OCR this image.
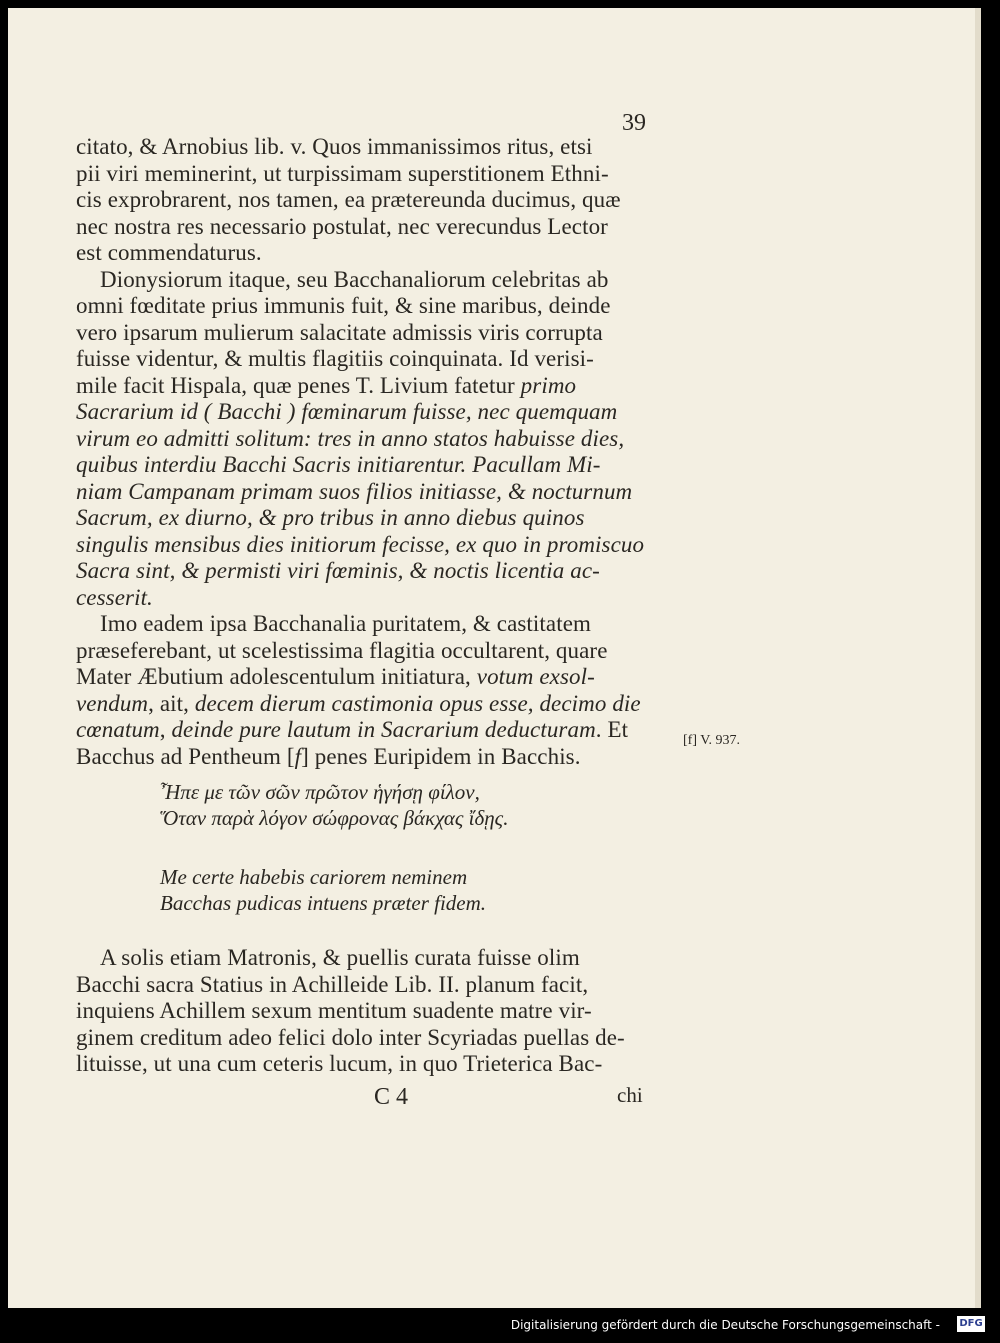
39
citato, & Arnobius lib. v. Quos immanissimos ritus, etsi
pii viri meminerint, ut turpissimam superstitionem Ethni-
cis exprobrarent, nos tamen, ea prætereunda ducimus, quæ
nec nostra res necessario postulat, nec verecundus Lector
est commendaturus.
Dionysiorum itaque, seu Bacchanaliorum celebritas ab
omni fœditate prius immunis fuit, & sine maribus, deinde
vero ipsarum mulierum salacitate admissis viris corrupta
fuisse videntur, & multis flagitiis coinquinata. Id verisi-
mile facit Hispala, quæ penes T. Livium fatetur primo
Sacrarium id ( Bacchi ) fœminarum fuisse, nec quemquam
virum eo admitti solitum: tres in anno statos habuisse dies,
quibus interdiu Bacchi Sacris initiarentur. Pacullam Mi-
niam Campanam primam suos filios initiasse, & nocturnum
Sacrum, ex diurno, & pro tribus in anno diebus quinos
singulis mensibus dies initiorum fecisse, ex quo in promiscuo
Sacra sint, & permisti viri fœminis, & noctis licentia ac-
cesserit.
Imo eadem ipsa Bacchanalia puritatem, & castitatem
præseferebant, ut scelestissima flagitia occultarent, quare
Mater Æbutium adolescentulum initiatura, votum exsol-
vendum, ait, decem dierum castimonia opus esse, decimo die
cœnatum, deinde pure lautum in Sacrarium deducturam. Et
Bacchus ad Pentheum [f] penes Euripidem in Bacchis.
[f] V. 937.
Ἦπε με τῶν σῶν πρῶτον ἡγήσῃ φίλον,
Ὅταν παρὰ λόγον σώφρονας βάκχας ἴδῃς.
Me certe habebis cariorem neminem
Bacchas pudicas intuens præter fidem.
A solis etiam Matronis, & puellis curata fuisse olim
Bacchi sacra Statius in Achilleide Lib. II. planum facit,
inquiens Achillem sexum mentitum suadente matre vir-
ginem creditum adeo felici dolo inter Scyriadas puellas de-
lituisse, ut una cum ceteris lucum, in quo Trieterica Bac-
C 4	chi
Digitalisierung gefördert durch die Deutsche Forschungsgemeinschaft - DFG
